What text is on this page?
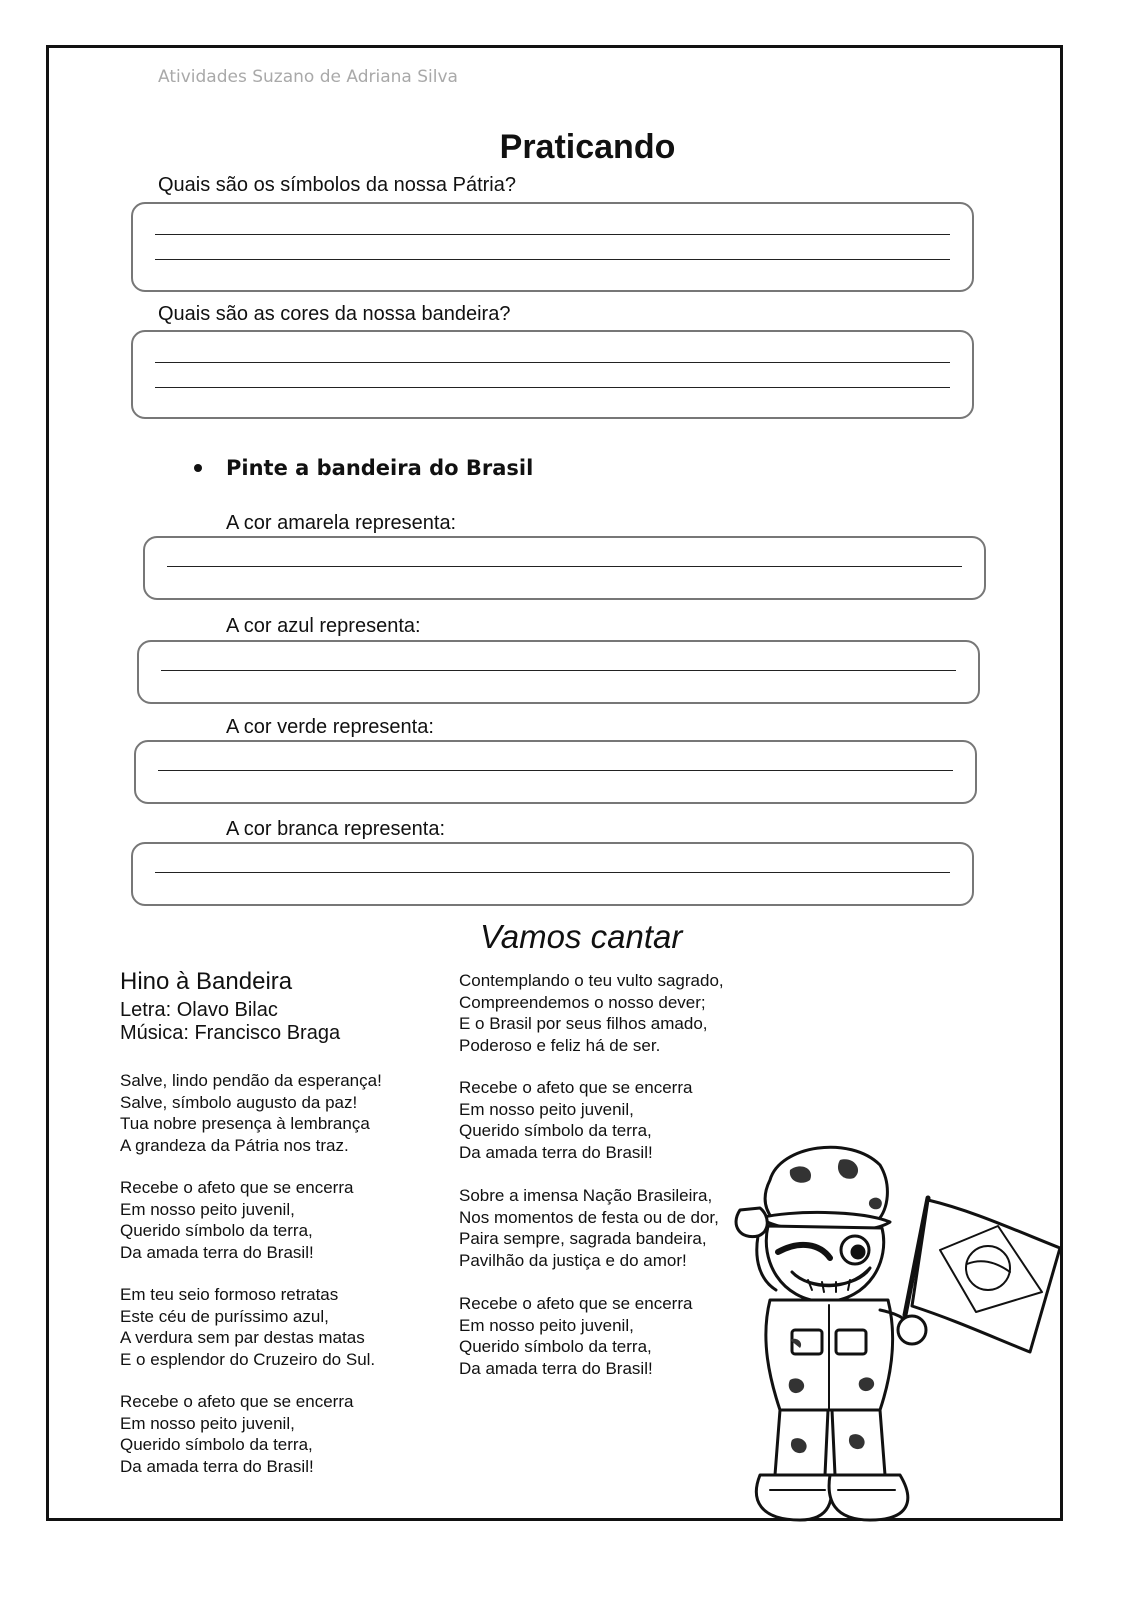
Atividades Suzano de Adriana Silva
Praticando
Quais são os símbolos da nossa Pátria?
Quais são as cores da nossa bandeira?
Pinte a bandeira do Brasil
A cor amarela representa:
A cor azul representa:
A cor verde representa:
A cor branca representa:
Vamos cantar
Hino à Bandeira
Letra: Olavo Bilac
Música: Francisco Braga
Salve, lindo pendão da esperança!
Salve, símbolo augusto da paz!
Tua nobre presença à lembrança
A grandeza da Pátria nos traz.
Recebe o afeto que se encerra
Em nosso peito juvenil,
Querido símbolo da terra,
Da amada terra do Brasil!
Em teu seio formoso retratas
Este céu de puríssimo azul,
A verdura sem par destas matas
E o esplendor do Cruzeiro do Sul.
Recebe o afeto que se encerra
Em nosso peito juvenil,
Querido símbolo da terra,
Da amada terra do Brasil!
Contemplando o teu vulto sagrado,
Compreendemos o nosso dever;
E o Brasil por seus filhos amado,
Poderoso e feliz há de ser.
Recebe o afeto que se encerra
Em nosso peito juvenil,
Querido símbolo da terra,
Da amada terra do Brasil!
Sobre a imensa Nação Brasileira,
Nos momentos de festa ou de dor,
Paira sempre, sagrada bandeira,
Pavilhão da justiça e do amor!
Recebe o afeto que se encerra
Em nosso peito juvenil,
Querido símbolo da terra,
Da amada terra do Brasil!
